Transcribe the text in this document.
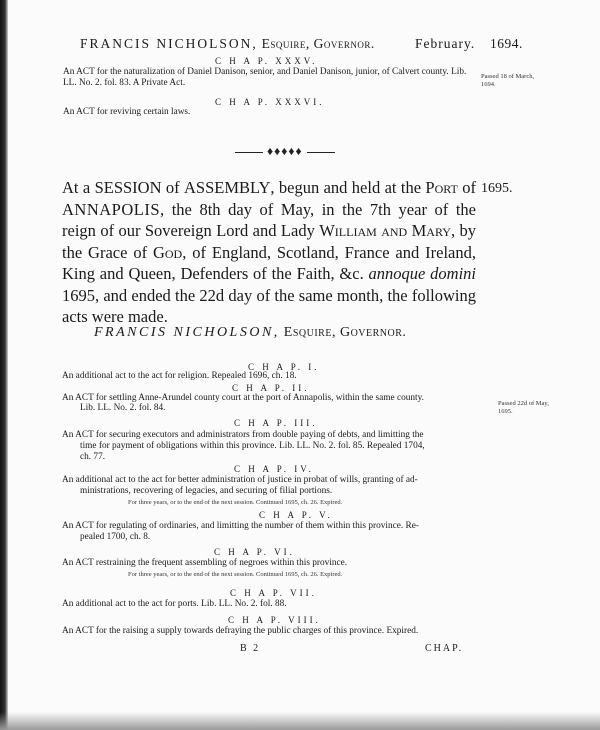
FRANCIS NICHOLSON, Esquire, Governor.	February. 1694.
C H A P. XXXV.
An ACT for the naturalization of Daniel Danison, senior, and Daniel Danison, junior, of Calvert county. Lib. LL. No. 2. fol. 83. A Private Act.
Passed 18 of March, 1694.
C H A P. XXXVI.
An ACT for reviving certain laws.
♦♦♦♦♦
At a SESSION of ASSEMBLY, begun and held at the Port of ANNAPOLIS, the 8th day of May, in the 7th year of the reign of our Sovereign Lord and Lady William and Mary, by the Grace of God, of England, Scotland, France and Ireland, King and Queen, Defenders of the Faith, &c. annoque domini 1695, and ended the 22d day of the same month, the following acts were made.
1695.
FRANCIS NICHOLSON, Esquire, Governor.
C H A P. I.
An additional act to the act for religion. Repealed 1696, ch. 18.
C H A P. II.
An ACT for settling Anne-Arundel county court at the port of Annapolis, within the same county.
Lib. LL. No. 2. fol. 84.	Passed 22d of May, 1695.
C H A P. III.
An ACT for securing executors and administrators from double paying of debts, and limitting the
time for payment of obligations within this province. Lib. LL. No. 2. fol. 85. Repealed 1704,
ch. 77.
C H A P. IV.
An additional act to the act for better administration of justice in probat of wills, granting of ad-
ministrations, recovering of legacies, and securing of filial portions.
For three years, or to the end of the next session. Continued 1695, ch. 26. Expired.
C H A P. V.
An ACT for regulating of ordinaries, and limitting the number of them within this province. Re-
pealed 1700, ch. 8.
C H A P. VI.
An ACT restraining the frequent assembling of negroes within this province.
For three years, or to the end of the next session. Continued 1695, ch. 26. Expired.
C H A P. VII.
An additional act to the act for ports. Lib. LL. No. 2. fol. 88.
C H A P. VIII.
An ACT for the raising a supply towards defraying the public charges of this province. Expired.
B 2	CHAP.
